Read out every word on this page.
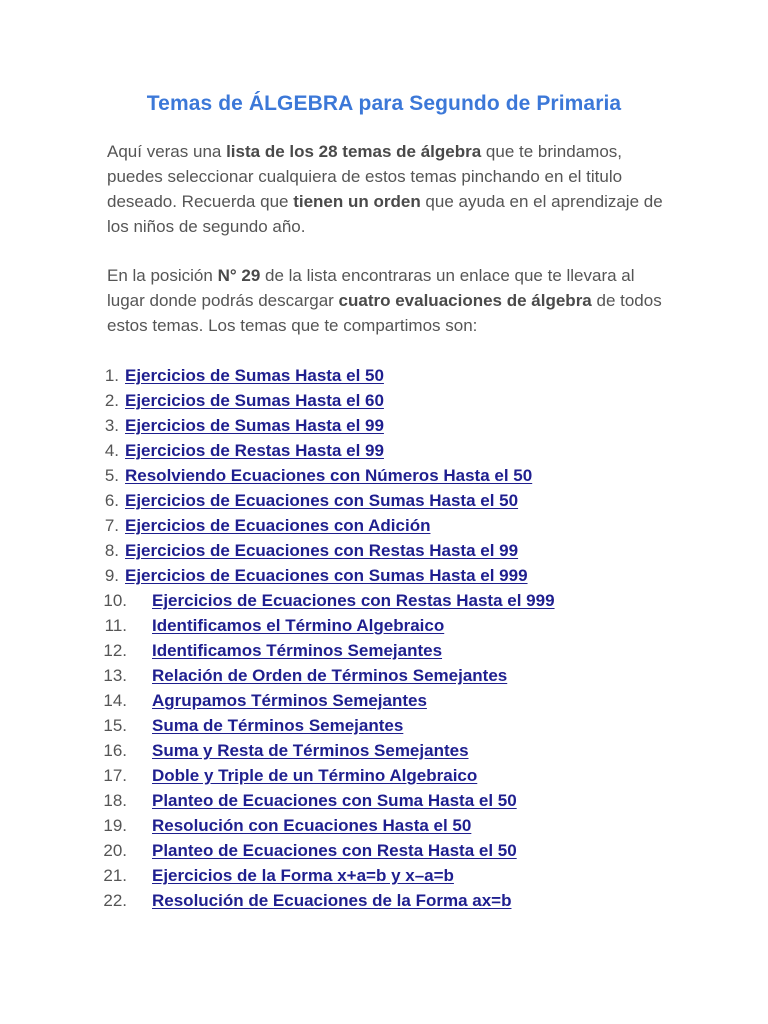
Temas de ÁLGEBRA para Segundo de Primaria
Aquí veras una lista de los 28 temas de álgebra que te brindamos, puedes seleccionar cualquiera de estos temas pinchando en el titulo deseado. Recuerda que tienen un orden que ayuda en el aprendizaje de los niños de segundo año.
En la posición N° 29 de la lista encontraras un enlace que te llevara al lugar donde podrás descargar cuatro evaluaciones de álgebra de todos estos temas. Los temas que te compartimos son:
1. Ejercicios de Sumas Hasta el 50
2. Ejercicios de Sumas Hasta el 60
3. Ejercicios de Sumas Hasta el 99
4. Ejercicios de Restas Hasta el 99
5. Resolviendo Ecuaciones con Números Hasta el 50
6. Ejercicios de Ecuaciones con Sumas Hasta el 50
7. Ejercicios de Ecuaciones con Adición
8. Ejercicios de Ecuaciones con Restas Hasta el 99
9. Ejercicios de Ecuaciones con Sumas Hasta el 999
10. Ejercicios de Ecuaciones con Restas Hasta el 999
11. Identificamos el Término Algebraico
12. Identificamos Términos Semejantes
13. Relación de Orden de Términos Semejantes
14. Agrupamos Términos Semejantes
15. Suma de Términos Semejantes
16. Suma y Resta de Términos Semejantes
17. Doble y Triple de un Término Algebraico
18. Planteo de Ecuaciones con Suma Hasta el 50
19. Resolución con Ecuaciones Hasta el 50
20. Planteo de Ecuaciones con Resta Hasta el 50
21. Ejercicios de la Forma x+a=b y x–a=b
22. Resolución de Ecuaciones de la Forma ax=b
